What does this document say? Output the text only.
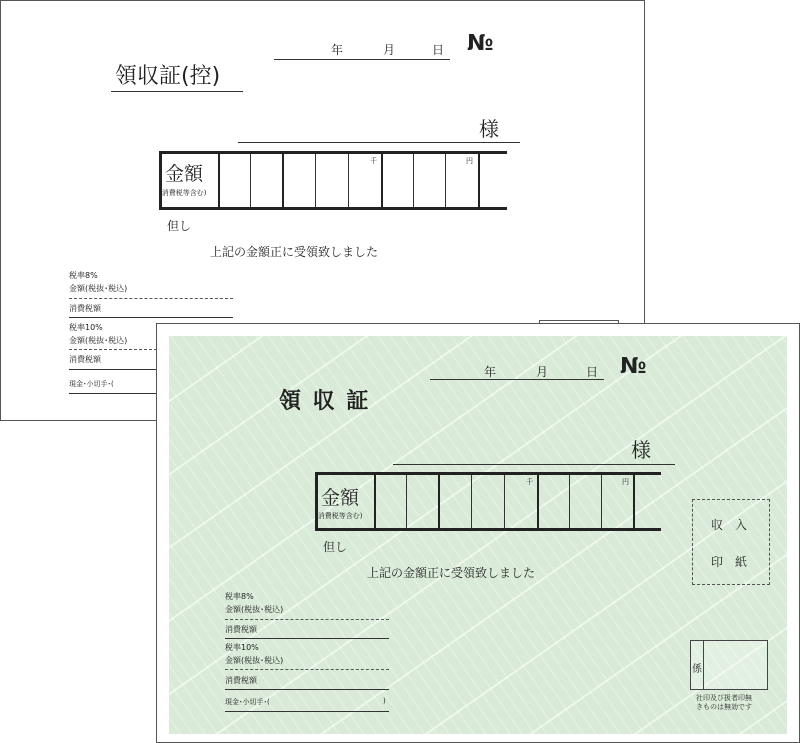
年	月	日 №
領収証(控)
様
金額
(消費税等含む)
千	円
但し
上記の金額正に受領致しました
税率8%
金額(税抜･税込)
消費税額
税率10%
金額(税抜･税込)
消費税額
現金･小切手･(
年	月	日 №
領 収 証
様
金額
(消費税等含む)
千	円
但し
上記の金額正に受領致しました
収　入
印　紙
税率8%
金額(税抜･税込)
消費税額
税率10%
金額(税抜･税込)
消費税額
現金･小切手･(	)
係
社印及び扱者印無
きものは無効です
